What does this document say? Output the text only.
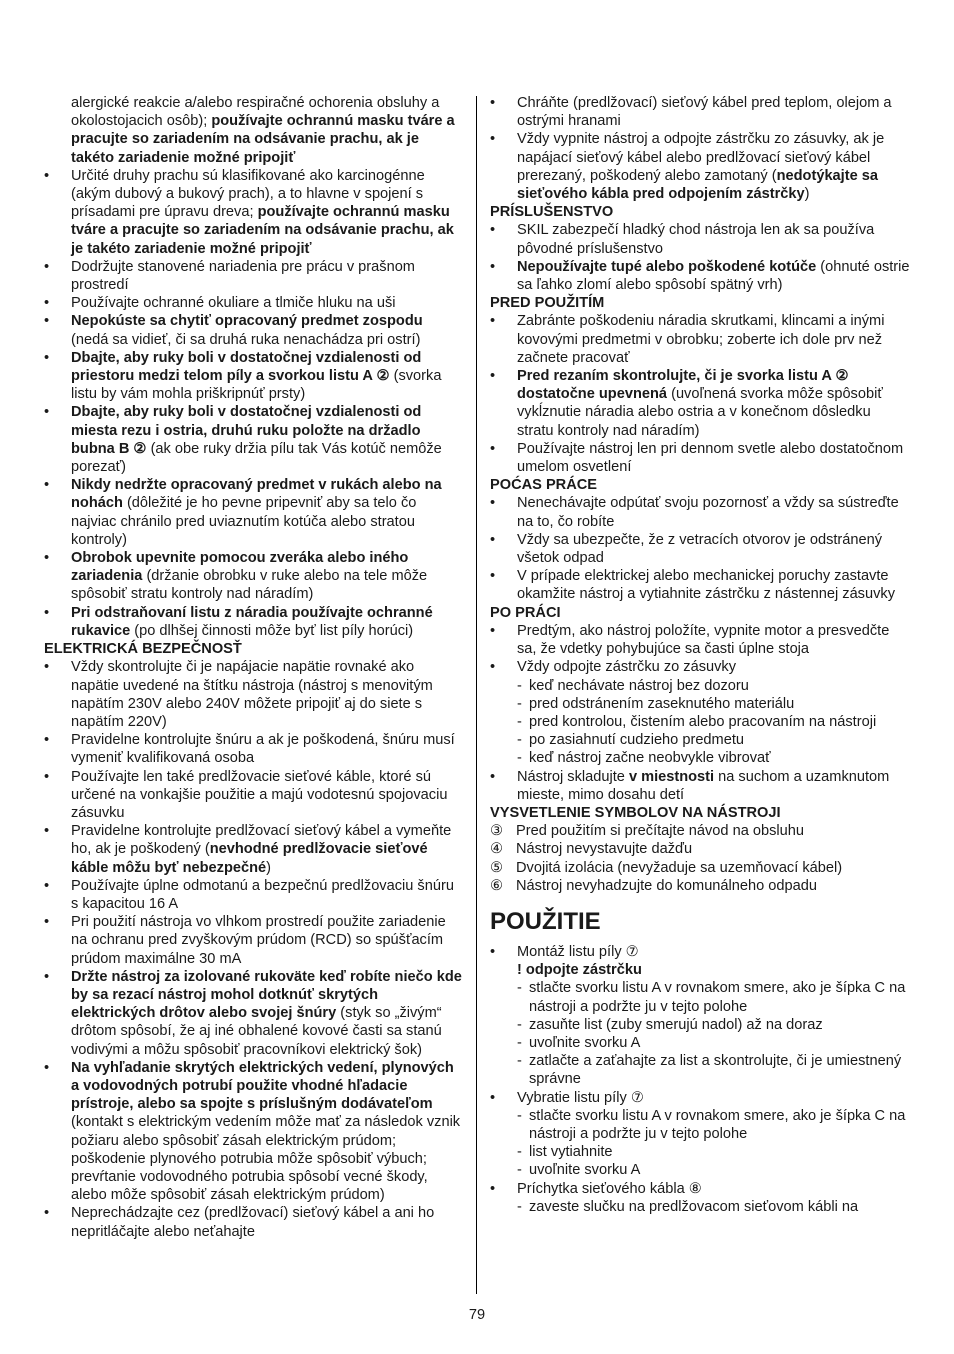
alergické reakcie a/alebo respiračné ochorenia obsluhy a okolostojacich osôb); používajte ochrannú masku tváre a pracujte so zariadením na odsávanie prachu, ak je takéto zariadenie možné pripojiť
•
Určité druhy prachu sú klasifikované ako karcinogénne (akým dubový a bukový prach), a to hlavne v spojení s prísadami pre úpravu dreva; používajte ochrannú masku tváre a pracujte so zariadením na odsávanie prachu, ak je takéto zariadenie možné pripojiť
•
Dodržujte stanovené nariadenia pre prácu v prašnom prostredí
•
Používajte ochranné okuliare a tlmiče hluku na uši
•
Nepokúste sa chytiť opracovaný predmet zospodu (nedá sa vidieť, či sa druhá ruka nenachádza pri ostrí)
•
Dbajte, aby ruky boli v dostatočnej vzdialenosti od priestoru medzi telom píly a svorkou listu A ② (svorka listu by vám mohla priškripnúť prsty)
•
Dbajte, aby ruky boli v dostatočnej vzdialenosti od miesta rezu i ostria, druhú ruku položte na držadlo bubna B ② (ak obe ruky držia pílu tak Vás kotúč nemôže porezať)
•
Nikdy nedržte opracovaný predmet v rukách alebo na nohách (dôležité je ho pevne pripevniť aby sa telo čo najviac chránilo pred uviaznutím kotúča alebo stratou kontroly)
•
Obrobok upevnite pomocou zveráka alebo iného zariadenia (držanie obrobku v ruke alebo na tele môže spôsobiť stratu kontroly nad náradím)
•
Pri odstraňovaní listu z náradia používajte ochranné rukavice (po dlhšej činnosti môže byť list píly horúci)
ELEKTRICKÁ BEZPEČNOSŤ
•
Vždy skontrolujte či je napájacie napätie rovnaké ako napätie uvedené na štítku nástroja (nástroj s menovitým napätím 230V alebo 240V môžete pripojiť aj do siete s napätím 220V)
•
Pravidelne kontrolujte šnúru a ak je poškodená, šnúru musí vymeniť kvalifikovaná osoba
•
Používajte len také predlžovacie sieťové káble, ktoré sú určené na vonkajšie použitie a majú vodotesnú spojovaciu zásuvku
•
Pravidelne kontrolujte predlžovací sieťový kábel a vymeňte ho, ak je poškodený (nevhodné predlžovacie sieťové káble môžu byť nebezpečné)
•
Používajte úplne odmotanú a bezpečnú predlžovaciu šnúru s kapacitou 16 A
•
Pri použití nástroja vo vlhkom prostredí použite zariadenie na ochranu pred zvyškovým prúdom (RCD) so spúšťacím prúdom maximálne 30 mA
•
Držte nástroj za izolované rukoväte keď robíte niečo kde by sa rezací nástroj mohol dotknúť skrytých elektrických drôtov alebo svojej šnúry (styk so „živým“ drôtom spôsobí, že aj iné obhalené kovové časti sa stanú vodivými a môžu spôsobiť pracovníkovi elektrický šok)
•
Na vyhľadanie skrytých elektrických vedení, plynových a vodovodných potrubí použite vhodné hľadacie prístroje, alebo sa spojte s príslušným dodávateľom (kontakt s elektrickým vedením môže mať za následok vznik požiaru alebo spôsobiť zásah elektrickým prúdom; poškodenie plynového potrubia môže spôsobiť výbuch; prevŕtanie vodovodného potrubia spôsobí vecné škody, alebo môže spôsobiť zásah elektrickým prúdom)
•
Neprechádzajte cez (predlžovací) sieťový kábel a ani ho nepritláčajte alebo neťahajte
•
Chráňte (predlžovací) sieťový kábel pred teplom, olejom a ostrými hranami
•
Vždy vypnite nástroj a odpojte zástrčku zo zásuvky, ak je napájací sieťový kábel alebo predlžovací sieťový kábel prerezaný, poškodený alebo zamotaný (nedotýkajte sa sieťového kábla pred odpojením zástrčky)
PRÍSLUŠENSTVO
•
SKIL zabezpečí hladký chod nástroja len ak sa používa pôvodné príslušenstvo
•
Nepoužívajte tupé alebo poškodené kotúče (ohnuté ostrie sa ľahko zlomí alebo spôsobí spätný vrh)
PRED POUŽITÍM
•
Zabránte poškodeniu náradia skrutkami, klincami a inými kovovými predmetmi v obrobku; zoberte ich dole prv než začnete pracovať
•
Pred rezaním skontrolujte, či je svorka listu A ② dostatočne upevnená (uvoľnená svorka môže spôsobiť vykĺznutie náradia alebo ostria a v konečnom dôsledku stratu kontroly nad náradím)
•
Používajte nástroj len pri dennom svetle alebo dostatočnom umelom osvetlení
POĆAS PRÁCE
•
Nenechávajte odpútať svoju pozornosť a vždy sa sústreďte na to, čo robíte
•
Vždy sa ubezpečte, že z vetracích otvorov je odstránený všetok odpad
•
V prípade elektrickej alebo mechanickej poruchy zastavte okamžite nástroj a vytiahnite zástrčku z nástennej zásuvky
PO PRÁCI
•
Predtým, ako nástroj položíte, vypnite motor a presvedčte sa, že vdetky pohybujúce sa časti úplne stoja
•
Vždy odpojte zástrčku zo zásuvky
- keď nechávate nástroj bez dozoru
- pred odstránením zaseknutého materiálu
- pred kontrolou, čistením alebo pracovaním na nástroji
- po zasiahnutí cudzieho predmetu
- keď nástroj začne neobvykle vibrovať
•
Nástroj skladujte v miestnosti na suchom a uzamknutom mieste, mimo dosahu detí
VYSVETLENIE SYMBOLOV NA NÁSTROJI
③ Pred použitím si prečítajte návod na obsluhu
④ Nástroj nevystavujte dažďu
⑤ Dvojitá izolácia (nevyžaduje sa uzemňovací kábel)
⑥ Nástroj nevyhadzujte do komunálneho odpadu
POUŽITIE
•
Montáž listu píly ⑦
! odpojte zástrčku
- stlačte svorku listu A v rovnakom smere, ako je šípka C na nástroji a podržte ju v tejto polohe
- zasuňte list (zuby smerujú nadol) až na doraz
- uvoľnite svorku A
- zatlačte a zaťahajte za list a skontrolujte, či je umiestnený správne
•
Vybratie listu píly ⑦
- stlačte svorku listu A v rovnakom smere, ako je šípka C na nástroji a podržte ju v tejto polohe
- list vytiahnite
- uvoľnite svorku A
•
Príchytka sieťového kábla ⑧
- zaveste slučku na predlžovacom sieťovom kábli na
79
